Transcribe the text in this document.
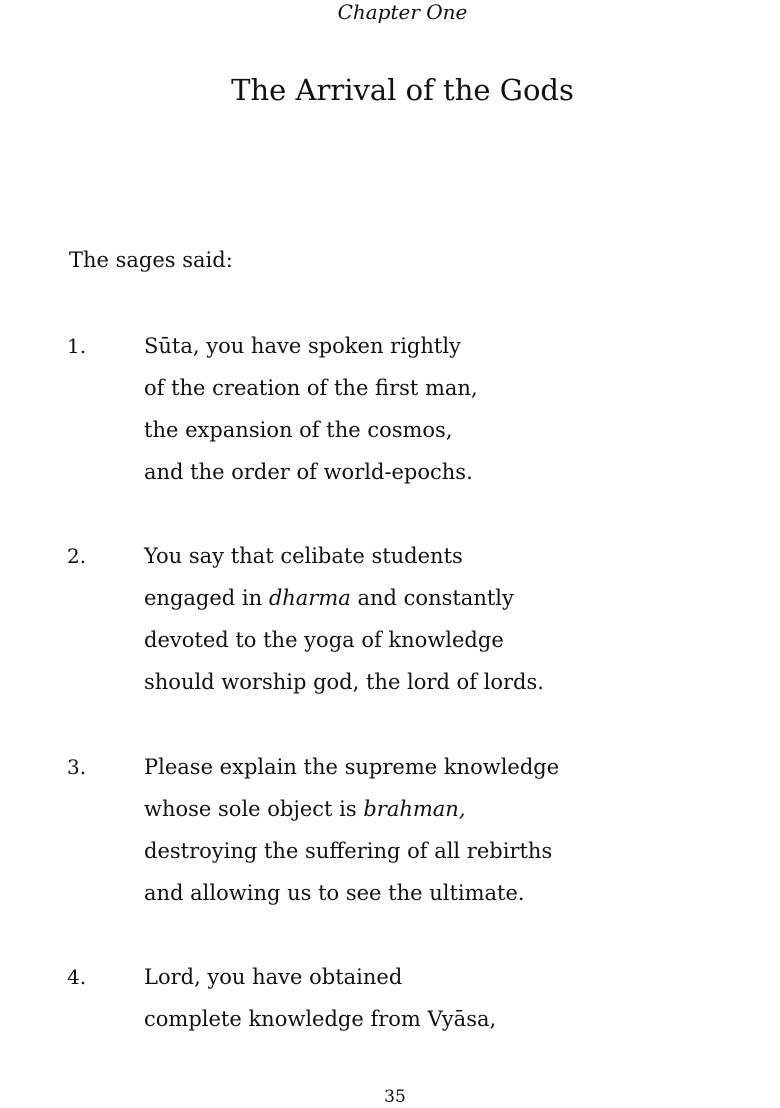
Chapter One
The Arrival of the Gods
The sages said:
1.	Sūta, you have spoken rightly
of the creation of the first man,
the expansion of the cosmos,
and the order of world-epochs.
2.	You say that celibate students
engaged in dharma and constantly
devoted to the yoga of knowledge
should worship god, the lord of lords.
3.	Please explain the supreme knowledge
whose sole object is brahman,
destroying the suffering of all rebirths
and allowing us to see the ultimate.
4.	Lord, you have obtained
complete knowledge from Vyāsa,
35
